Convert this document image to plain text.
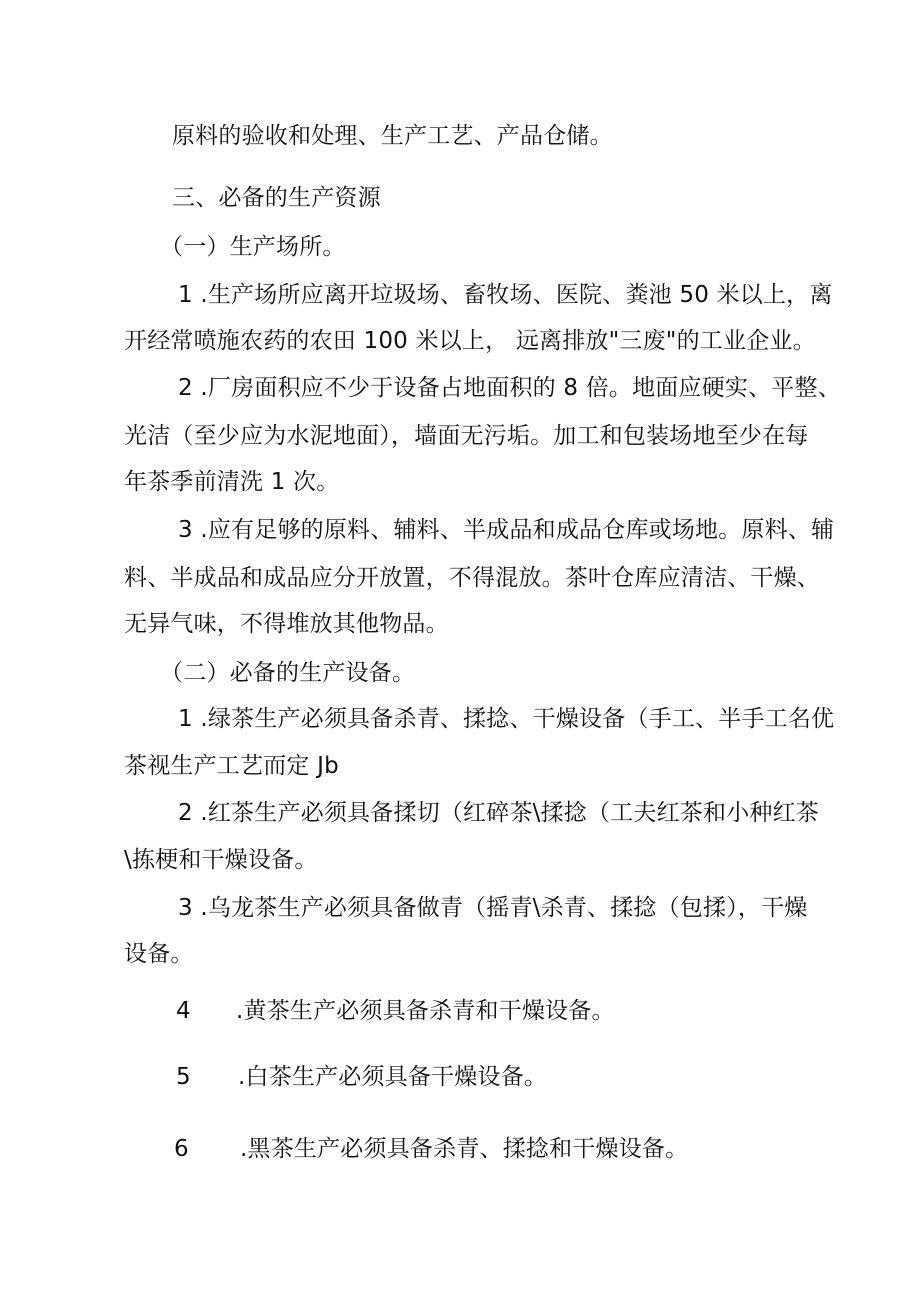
原料的验收和处理、生产工艺、产品仓储。
三、必备的生产资源
（一）生产场所。
1 .生产场所应离开垃圾场、畜牧场、医院、粪池 50 米以上，离
开经常喷施农药的农田 100 米以上， 远离排放"三废"的工业企业。
2 .厂房面积应不少于设备占地面积的 8 倍。地面应硬实、平整、
光洁（至少应为水泥地面），墙面无污垢。加工和包装场地至少在每
年茶季前清洗 1 次。
3 .应有足够的原料、辅料、半成品和成品仓库或场地。原料、辅
料、半成品和成品应分开放置，不得混放。茶叶仓库应清洁、干燥、
无异气味，不得堆放其他物品。
（二）必备的生产设备。
1 .绿茶生产必须具备杀青、揉捻、干燥设备（手工、半手工名优
茶视生产工艺而定 Jb
2 .红茶生产必须具备揉切（红碎茶\揉捻（工夫红茶和小种红茶
\拣梗和干燥设备。
3 .乌龙茶生产必须具备做青（摇青\杀青、揉捻（包揉），干燥
设备。
4 .黄茶生产必须具备杀青和干燥设备。
5 .白茶生产必须具备干燥设备。
6 .黑茶生产必须具备杀青、揉捻和干燥设备。
